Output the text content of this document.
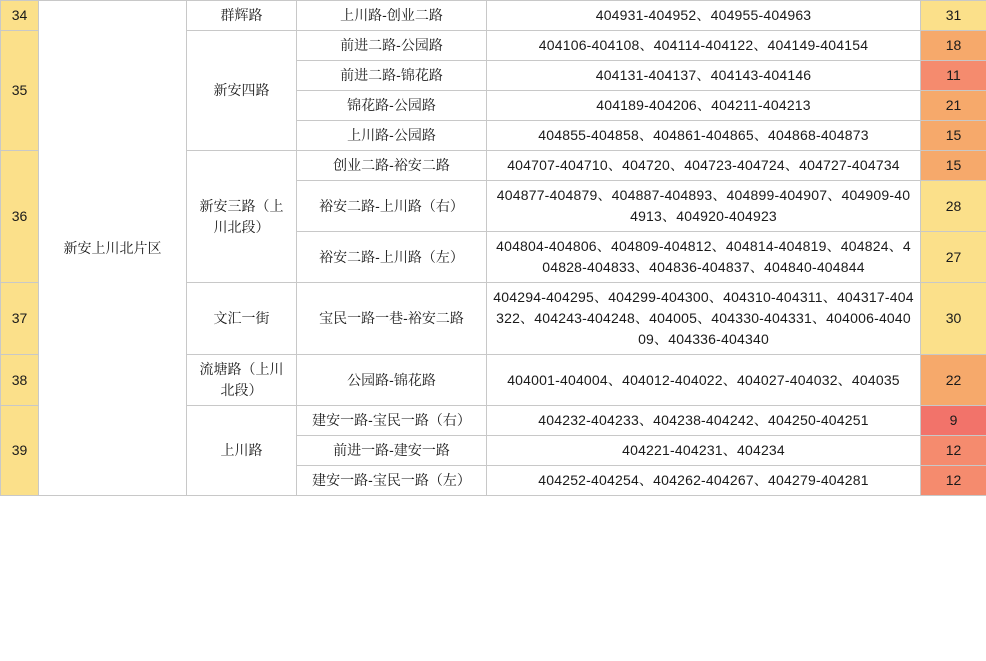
34	新安上川北片区	群辉路	上川路-创业二路	404931-404952、404955-404963	31
35		新安四路	前进二路-公园路	404106-404108、404114-404122、404149-404154	18
			前进二路-锦花路	404131-404137、404143-404146	11
			锦花路-公园路	404189-404206、404211-404213	21
			上川路-公园路	404855-404858、404861-404865、404868-404873	15
36		新安三路（上川北段）	创业二路-裕安二路	404707-404710、404720、404723-404724、404727-404734	15
			裕安二路-上川路（右）	404877-404879、404887-404893、404899-404907、404909-404913、404920-404923	28
			裕安二路-上川路（左）	404804-404806、404809-404812、404814-404819、404824、404828-404833、404836-404837、404840-404844	27
37		文汇一街	宝民一路一巷-裕安二路	404294-404295、404299-404300、404310-404311、404317-404322、404243-404248、404005、404330-404331、404006-404009、404336-404340	30
38		流塘路（上川北段）	公园路-锦花路	404001-404004、404012-404022、404027-404032、404035	22
39		上川路	建安一路-宝民一路（右）	404232-404233、404238-404242、404250-404251	9
			前进一路-建安一路	404221-404231、404234	12
			建安一路-宝民一路（左）	404252-404254、404262-404267、404279-404281	12
